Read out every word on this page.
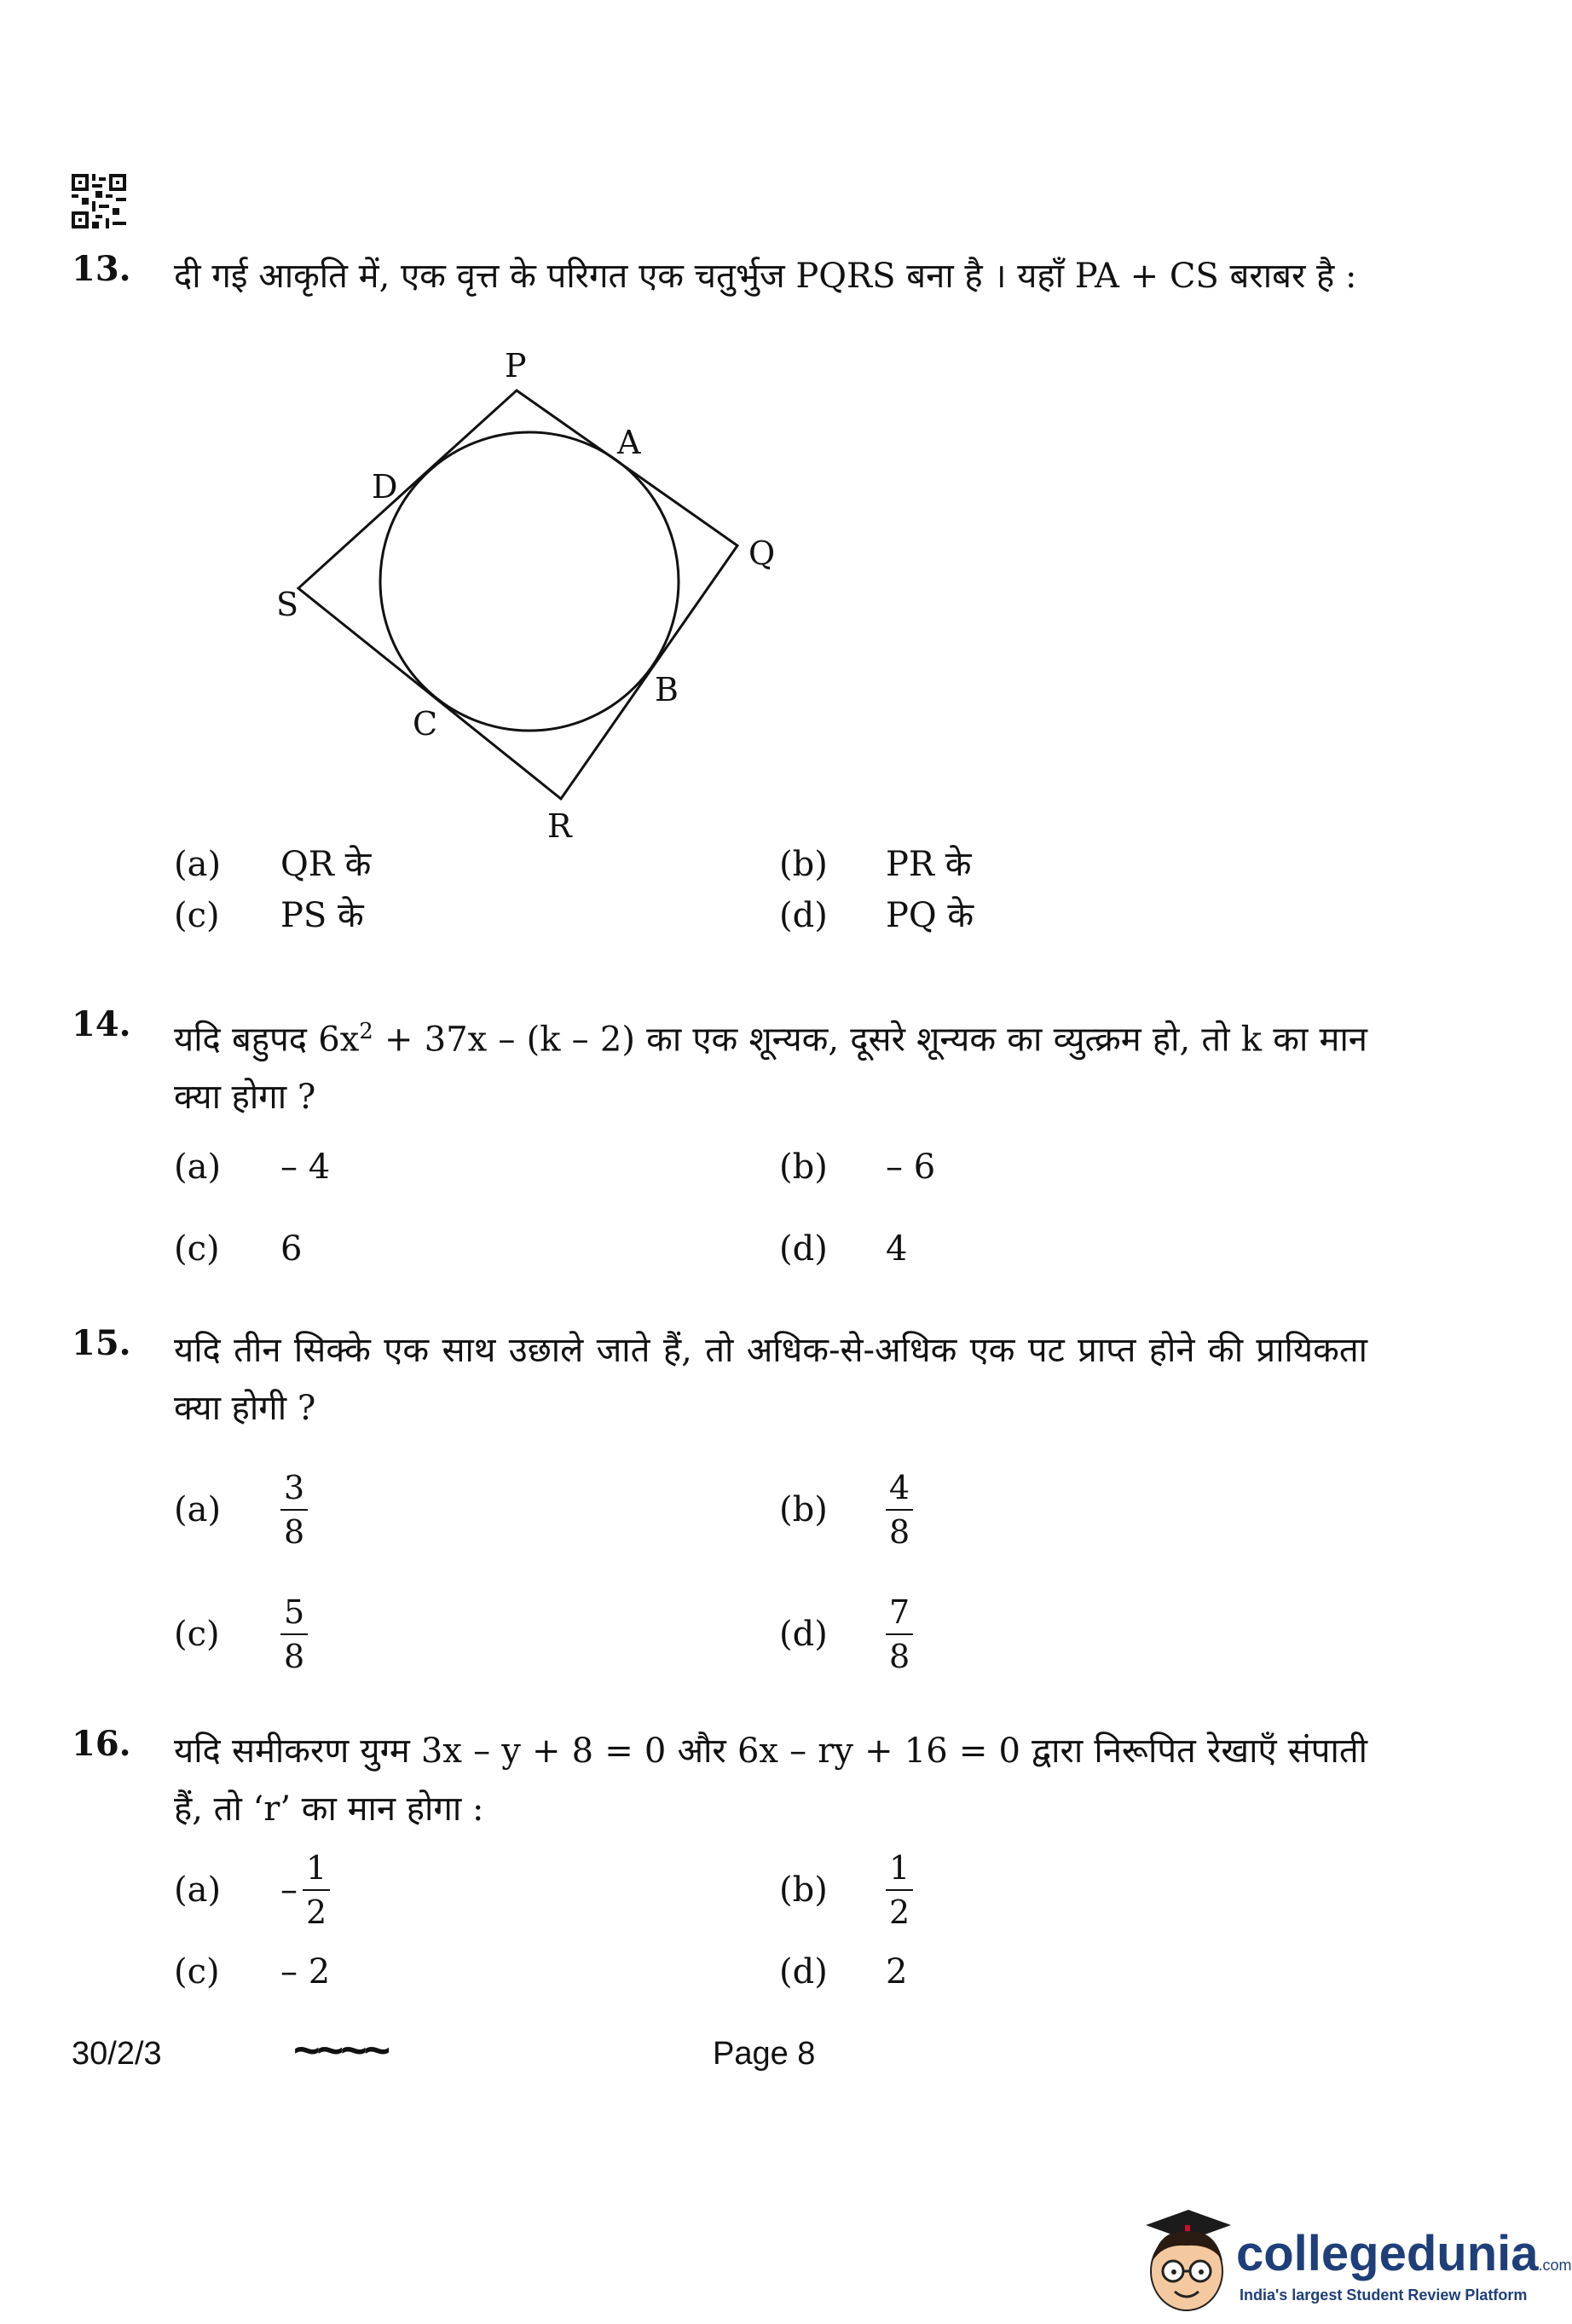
13. दी गई आकृति में, एक वृत्त के परिगत एक चतुर्भुज PQRS बना है । यहाँ PA + CS बराबर है :
P
Q
R
S
A
B
C
D
(a) QR के	(b) PR के
(c) PS के	(d) PQ के
14. यदि बहुपद $6x^2 + 37x - (k - 2)$ का एक शून्यक, दूसरे शून्यक का व्युत्क्रम हो, तो k का मान क्या होगा ?
(a) – 4	(b) – 6
(c) 6	(d) 4
15. यदि तीन सिक्के एक साथ उछाले जाते हैं, तो अधिक-से-अधिक एक पट प्राप्त होने की प्रायिकता क्या होगी ?
$(a) \frac{3}{8}$	$(b) \frac{4}{8}$
$(c) \frac{5}{8}$	$(d) \frac{7}{8}$
16. यदि समीकरण युग्म 3x – y + 8 = 0 और 6x – ry + 16 = 0 द्वारा निरूपित रेखाएँ संपाती हैं, तो ‘r’ का मान होगा :
$(a) - \frac{1}{2}$	$(b) \frac{1}{2}$
(c) – 2	(d) 2
30/2/3	~~~~	Page 8
collegedunia.com
India's largest Student Review Platform
